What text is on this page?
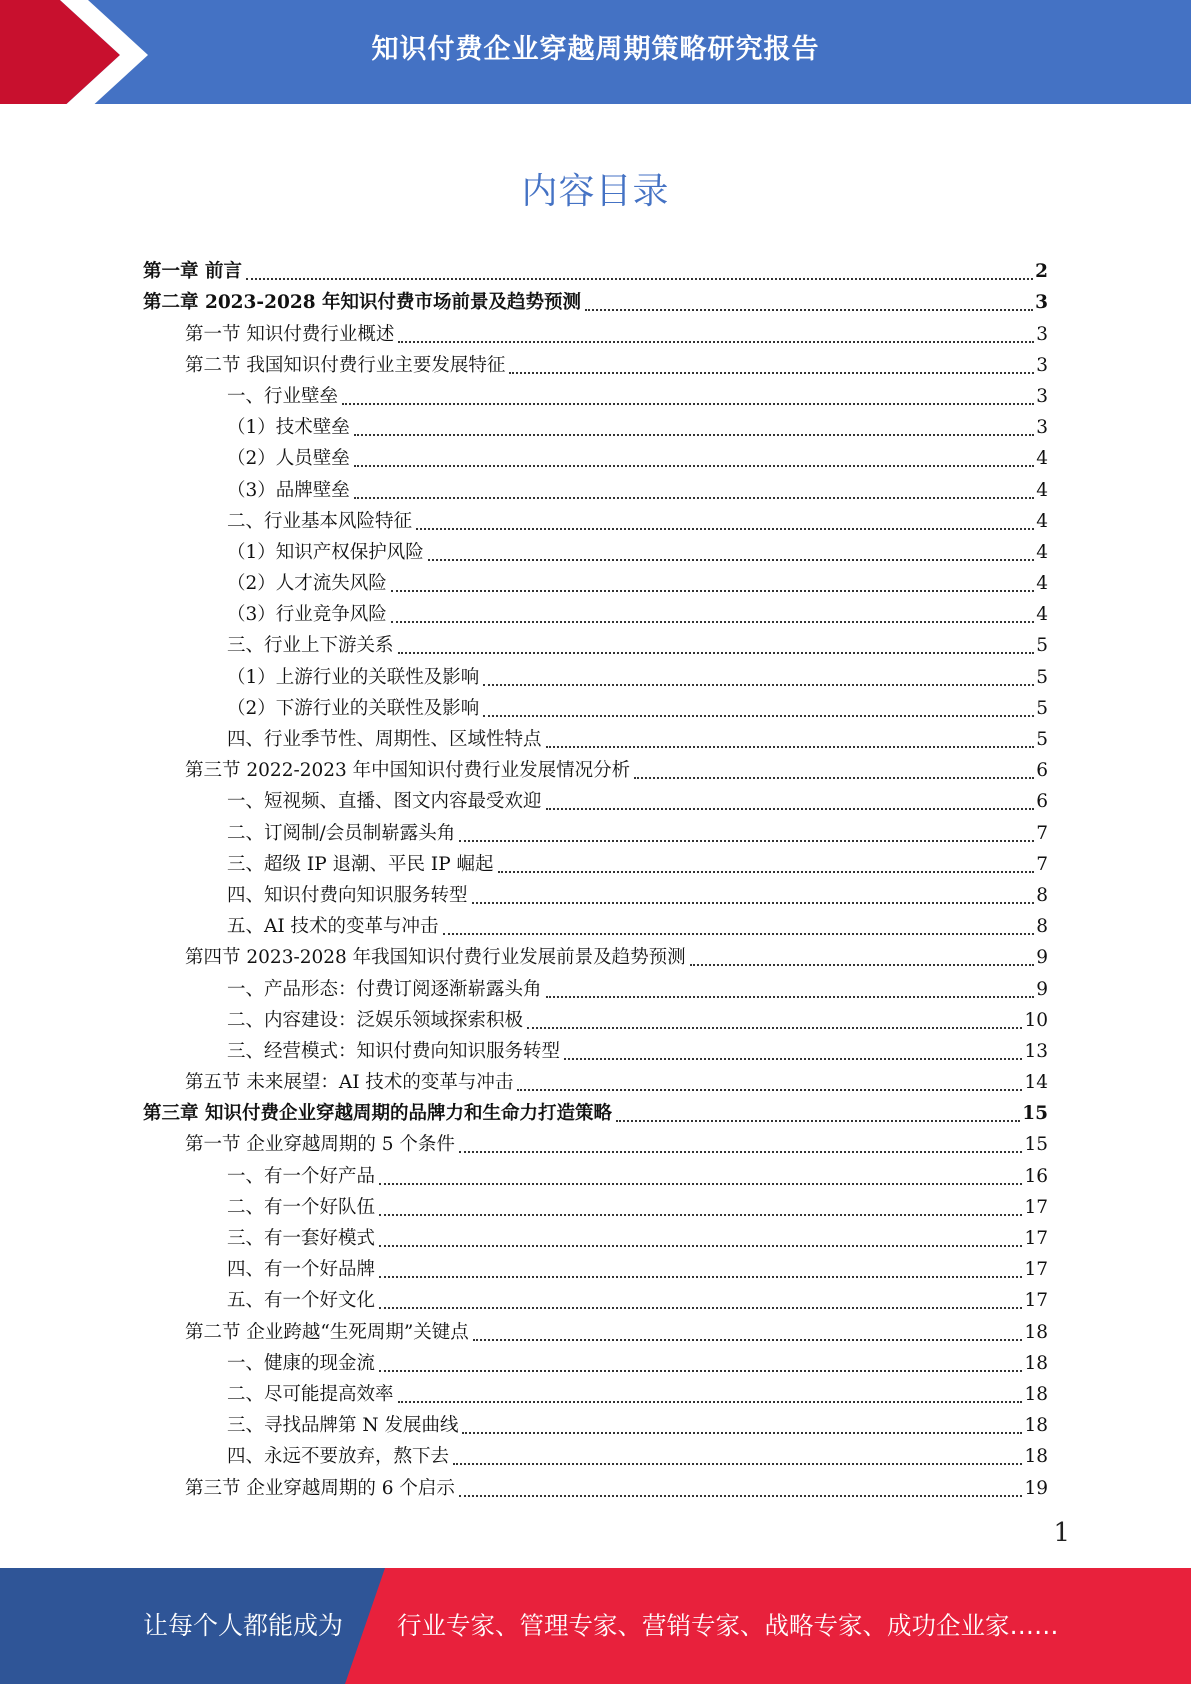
知识付费企业穿越周期策略研究报告
内容目录
第一章 前言	2
第二章 2023-2028 年知识付费市场前景及趋势预测	3
第一节 知识付费行业概述	3
第二节 我国知识付费行业主要发展特征	3
一、行业壁垒	3
（1）技术壁垒	3
（2）人员壁垒	4
（3）品牌壁垒	4
二、行业基本风险特征	4
（1）知识产权保护风险	4
（2）人才流失风险	4
（3）行业竞争风险	4
三、行业上下游关系	5
（1）上游行业的关联性及影响	5
（2）下游行业的关联性及影响	5
四、行业季节性、周期性、区域性特点	5
第三节 2022-2023 年中国知识付费行业发展情况分析	6
一、短视频、直播、图文内容最受欢迎	6
二、订阅制/会员制崭露头角	7
三、超级 IP 退潮、平民 IP 崛起	7
四、知识付费向知识服务转型	8
五、AI 技术的变革与冲击	8
第四节 2023-2028 年我国知识付费行业发展前景及趋势预测	9
一、产品形态：付费订阅逐渐崭露头角	9
二、内容建设：泛娱乐领域探索积极	10
三、经营模式：知识付费向知识服务转型	13
第五节 未来展望：AI 技术的变革与冲击	14
第三章 知识付费企业穿越周期的品牌力和生命力打造策略	15
第一节 企业穿越周期的 5 个条件	15
一、有一个好产品	16
二、有一个好队伍	17
三、有一套好模式	17
四、有一个好品牌	17
五、有一个好文化	17
第二节 企业跨越“生死周期”关键点	18
一、健康的现金流	18
二、尽可能提高效率	18
三、寻找品牌第 N 发展曲线	18
四、永远不要放弃，熬下去	18
第三节 企业穿越周期的 6 个启示	19
1
让每个人都能成为 行业专家、管理专家、营销专家、战略专家、成功企业家……
